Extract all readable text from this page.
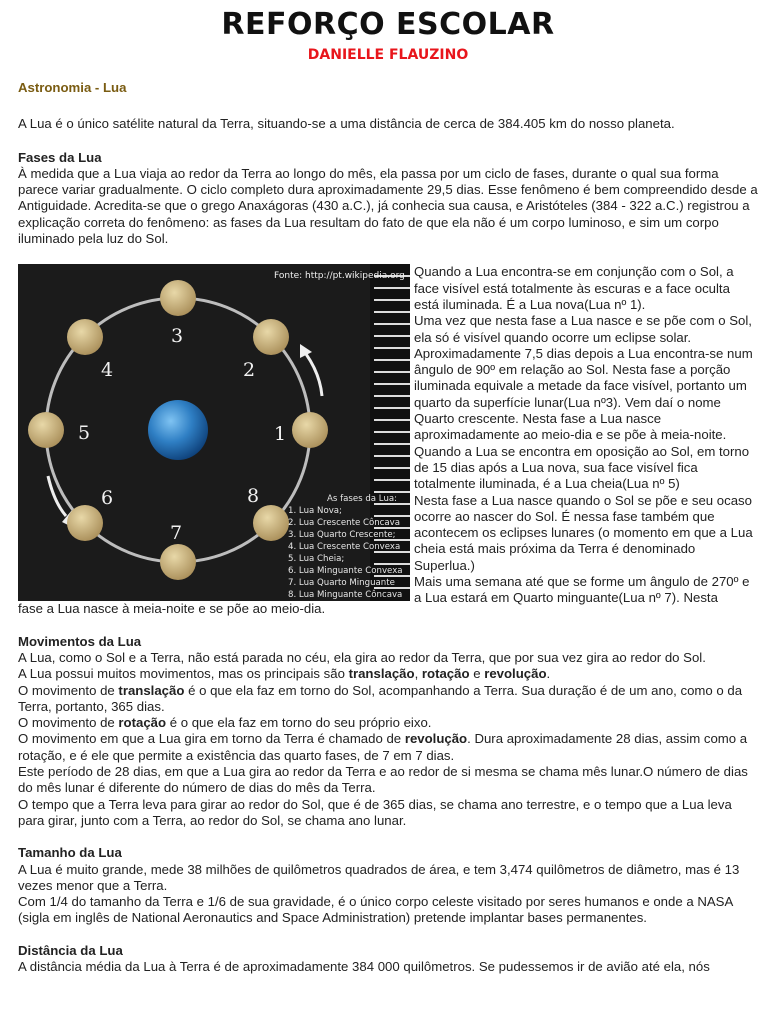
REFORÇO ESCOLAR
DANIELLE FLAUZINO
Astronomia - Lua

A Lua é o único satélite natural da Terra, situando-se a uma distância de cerca de 384.405 km do nosso planeta.

Fases da Lua

À medida que a Lua viaja ao redor da Terra ao longo do mês, ela passa por um ciclo de fases, durante o qual sua forma parece variar gradualmente. O ciclo completo dura aproximadamente 29,5 dias. Esse fenômeno é bem compreendido desde a Antiguidade. Acredita-se que o grego Anaxágoras (430 a.C.), já conhecia sua causa, e Aristóteles (384 - 322 a.C.) registrou a explicação correta do fenômeno: as fases da Lua resultam do fato de que ela não é um corpo luminoso, e sim um corpo iluminado pela luz do Sol.

1
2
3
4
5
6
7
8
Fonte: http://pt.wikipedia.org
As fases da Lua:
1. Lua Nova;
2. Lua Crescente Côncava
3. Lua Quarto Crescente;
4. Lua Crescente Convexa
5. Lua Cheia;
6. Lua Minguante Convexa
7. Lua Quarto Minguante
8. Lua Minguante Côncava

Quando a Lua encontra-se em conjunção com o Sol, a face visível está totalmente às escuras e a face oculta está iluminada. É a Lua nova(Lua nº 1).

Uma vez que nesta fase a Lua nasce e se põe com o Sol, ela só é visível quando ocorre um eclipse solar.

Aproximadamente 7,5 dias depois a Lua encontra-se num ângulo de 90º em relação ao Sol. Nesta fase a porção iluminada equivale a metade da face visível, portanto um quarto da superfície lunar(Lua nº3). Vem daí o nome Quarto crescente. Nesta fase a Lua nasce aproximadamente ao meio-dia e se põe à meia-noite.

Quando a Lua se encontra em oposição ao Sol, em torno de 15 dias após a Lua nova, sua face visível fica totalmente iluminada, é a Lua cheia(Lua nº 5)

Nesta fase a Lua nasce quando o Sol se põe e seu ocaso ocorre ao nascer do Sol. É nessa fase também que acontecem os eclipses lunares (o momento em que a Lua cheia está mais próxima da Terra é denominado Superlua.)

Mais uma semana até que se forme um ângulo de 270º e a Lua estará em Quarto minguante(Lua nº 7). Nesta

fase a Lua nasce à meia-noite e se põe ao meio-dia.

Movimentos da Lua

A Lua, como o Sol e a Terra, não está parada no céu, ela gira ao redor da Terra, que por sua vez gira ao redor do Sol.

A Lua possui muitos movimentos, mas os principais são translação, rotação e revolução.

O movimento de translação é o que ela faz em torno do Sol, acompanhando a Terra. Sua duração é de um ano, como o da Terra, portanto, 365 dias.

O movimento de rotação é o que ela faz em torno do seu próprio eixo.

O movimento em que a Lua gira em torno da Terra é chamado de revolução. Dura aproximadamente 28 dias, assim como a rotação, e é ele que permite a existência das quarto fases, de 7 em 7 dias.

Este período de 28 dias, em que a Lua gira ao redor da Terra e ao redor de si mesma se chama mês lunar.O número de dias do mês lunar é diferente do número de dias do mês da Terra.

O tempo que a Terra leva para girar ao redor do Sol, que é de 365 dias, se chama ano terrestre, e o tempo que a Lua leva para girar, junto com a Terra, ao redor do Sol, se chama ano lunar.

Tamanho da Lua

A Lua é muito grande, mede 38 milhões de quilômetros quadrados de área, e tem 3,474 quilômetros de diâmetro, mas é 13 vezes menor que a Terra.

Com 1/4 do tamanho da Terra e 1/6 de sua gravidade, é o único corpo celeste visitado por seres humanos e onde a NASA (sigla em inglês de National Aeronautics and Space Administration) pretende implantar bases permanentes.

Distância da Lua

A distância média da Lua à Terra é de aproximadamente 384 000 quilômetros. Se pudessemos ir de avião até ela, nós
